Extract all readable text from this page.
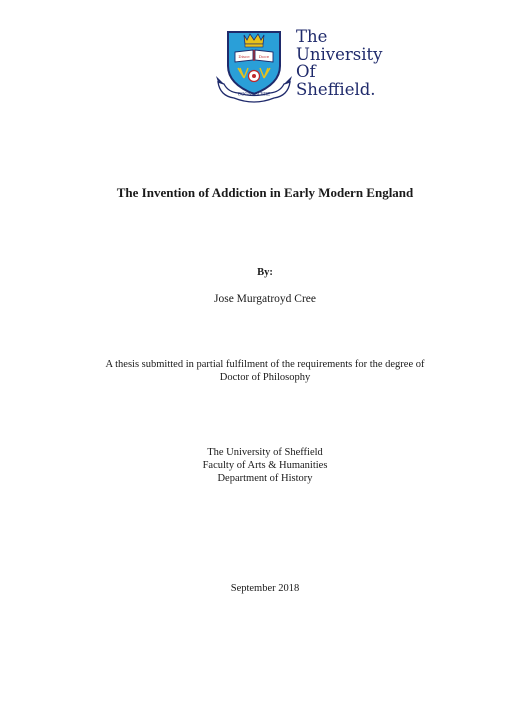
Disce Doce
COGNOSCERE
The
University
Of
Sheffield.
The Invention of Addiction in Early Modern England
By:
Jose Murgatroyd Cree
A thesis submitted in partial fulfilment of the requirements for the degree of
Doctor of Philosophy
The University of Sheffield
Faculty of Arts & Humanities
Department of History
September 2018
